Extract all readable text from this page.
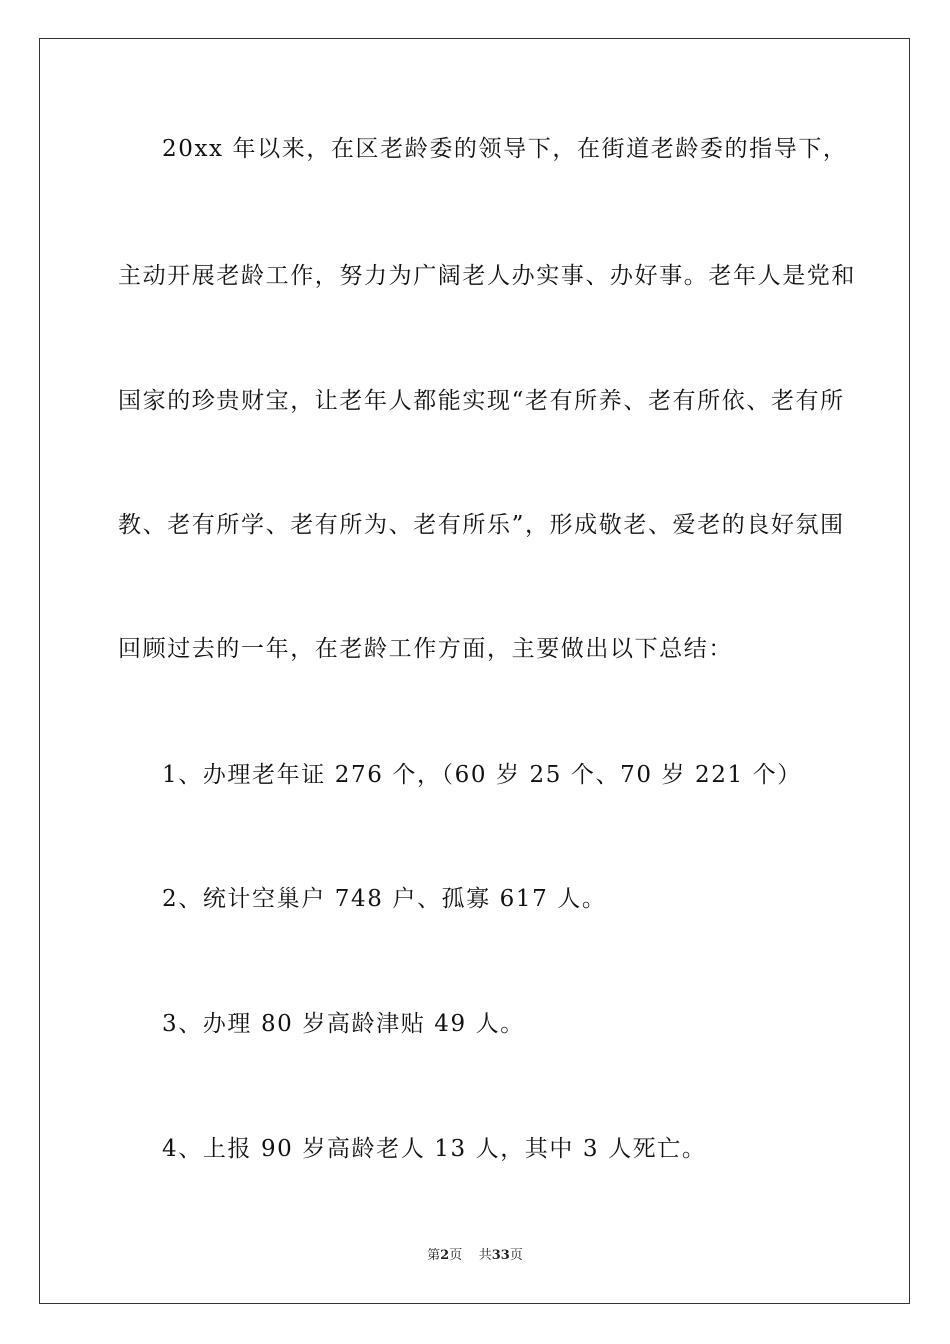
20xx 年以来，在区老龄委的领导下，在街道老龄委的指导下，
主动开展老龄工作，努力为广阔老人办实事、办好事。老年人是党和
国家的珍贵财宝，让老年人都能实现“老有所养、老有所依、老有所
教、老有所学、老有所为、老有所乐”，形成敬老、爱老的良好氛围
回顾过去的一年，在老龄工作方面，主要做出以下总结：
1、办理老年证 276 个，（60 岁 25 个、70 岁 221 个）
2、统计空巢户 748 户、孤寡 617 人。
3、办理 80 岁高龄津贴 49 人。
4、上报 90 岁高龄老人 13 人，其中 3 人死亡。
第2页 共33页
